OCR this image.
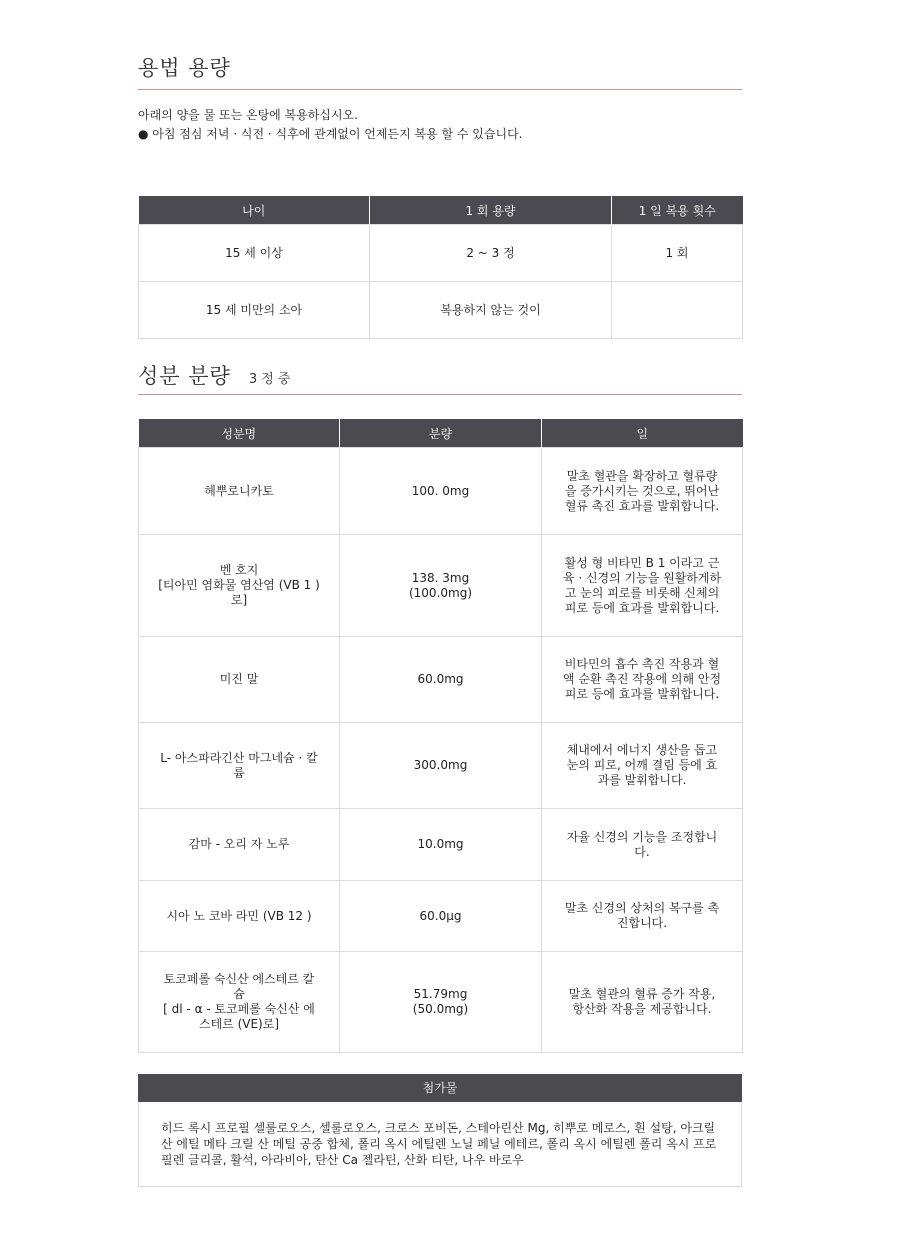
용법 용량
아래의 양을 물 또는 온탕에 복용하십시오.
● 아침 점심 저녁 · 식전 · 식후에 관계없이 언제든지 복용 할 수 있습니다.
나이	1 회 용량	1 일 복용 횟수
15 세 이상	2 ~ 3 정	1 회
15 세 미만의 소아	복용하지 않는 것이	
성분 분량 3 정 중
성분명	분량	일
헤뿌로니카토	100. 0mg	말초 혈관을 확장하고 혈류량
을 증가시키는 것으로, 뛰어난
혈류 촉진 효과를 발휘합니다.
벤 호지
[티아민 염화물 염산염 (VB 1 )
로]	138. 3mg
(100.0mg)	활성 형 비타민 B 1 이라고 근
육 · 신경의 기능을 원활하게하
고 눈의 피로를 비롯해 신체의
피로 등에 효과를 발휘합니다.
미진 말	60.0mg	비타민의 흡수 촉진 작용과 혈
액 순환 촉진 작용에 의해 안정
피로 등에 효과를 발휘합니다.
L- 아스파라긴산 마그네슘 · 칼
륨	300.0mg	체내에서 에너지 생산을 돕고
눈의 피로, 어깨 결림 등에 효
과를 발휘합니다.
감마 - 오리 자 노루	10.0mg	자율 신경의 기능을 조정합니
다.
시아 노 코바 라민 (VB 12 )	60.0μg	말초 신경의 상처의 복구를 촉
진합니다.
토코페롤 숙신산 에스테르 칼
슘
[ dl - α - 토코페롤 숙신산 에
스테르 (VE)로]	51.79mg
(50.0mg)	말초 혈관의 혈류 증가 작용,
항산화 작용을 제공합니다.
첨가물
히드 록시 프로필 셀룰로오스, 셀룰로오스, 크로스 포비돈, 스테아린산 Mg, 히뿌로 메로스, 흰 설탕, 아크릴 산 에틸 메타 크릴 산 메틸 공중 합체, 폴리 옥시 에틸렌 노닐 페닐 에테르, 폴리 옥시 에틸렌 폴리 옥시 프로필렌 글리콜, 활석, 아라비아, 탄산 Ca 젤라틴, 산화 티탄, 나우 바로우
